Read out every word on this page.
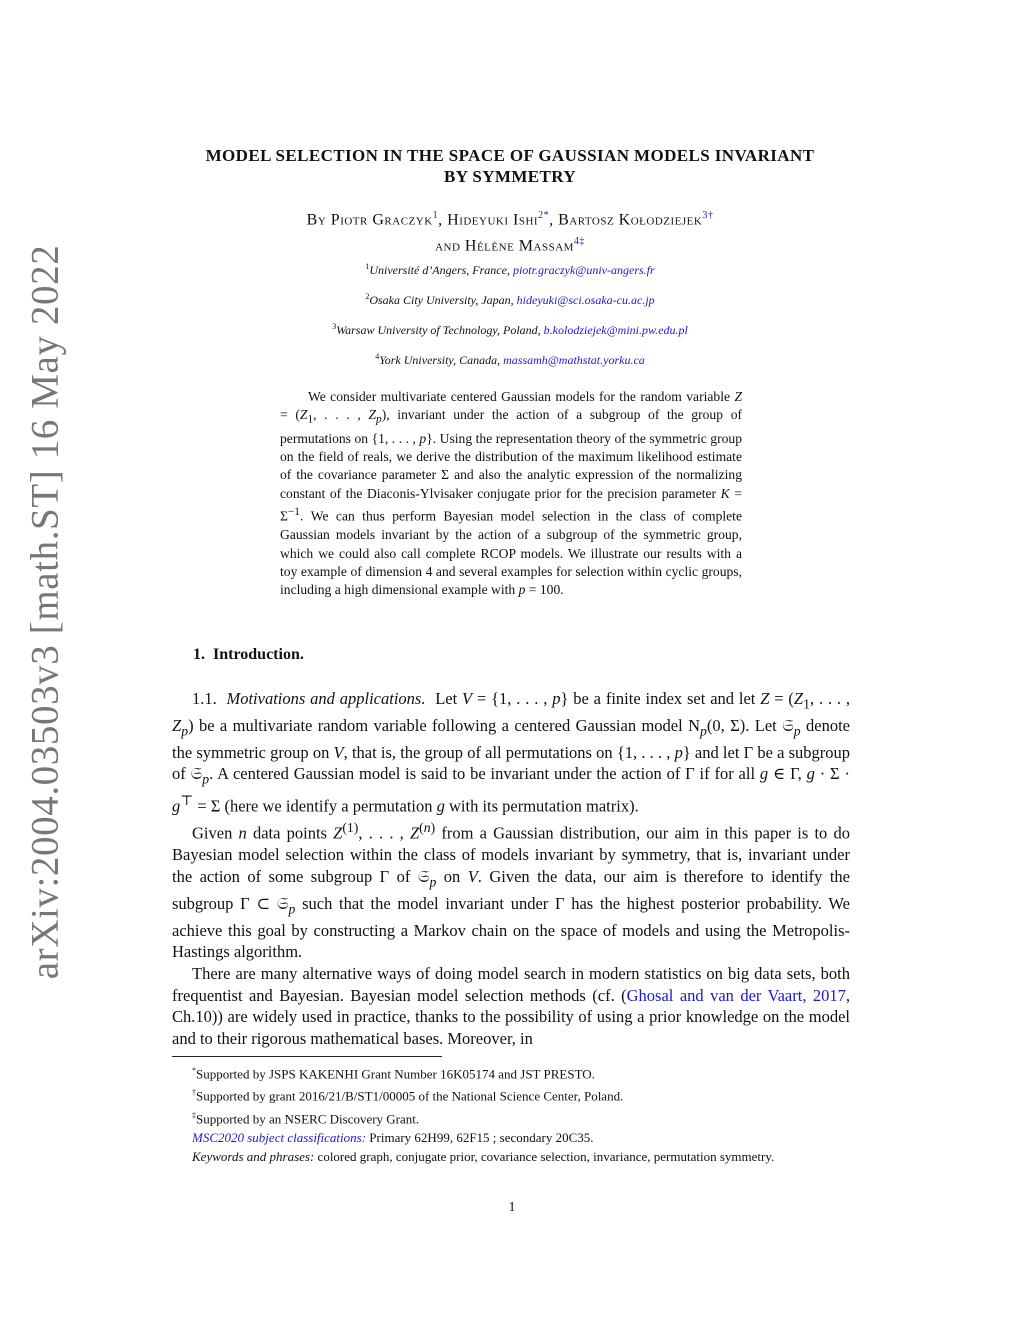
arXiv:2004.03503v3 [math.ST] 16 May 2022
MODEL SELECTION IN THE SPACE OF GAUSSIAN MODELS INVARIANT
BY SYMMETRY
By Piotr Graczyk$^1$, Hideyuki Ishi$^{2*}$, Bartosz Kołodziejek$^{3\dagger}$
and Hélène Massam$^{4\ddagger}$
$^1$Université d’Angers, France, piotr.graczyk@univ-angers.fr
$^2$Osaka City University, Japan, hideyuki@sci.osaka-cu.ac.jp
$^3$Warsaw University of Technology, Poland, b.kolodziejek@mini.pw.edu.pl
$^4$York University, Canada, massamh@mathstat.yorku.ca
We consider multivariate centered Gaussian models for the random variable $Z = (Z_1$, . . . , $Z_p$), invariant under the action of a subgroup of the group of permutations on {1, . . . , p}. Using the representation theory of the symmetric group on the field of reals, we derive the distribution of the maximum likelihood estimate of the covariance parameter Σ and also the analytic expression of the normalizing constant of the Diaconis-Ylvisaker conjugate prior for the precision parameter $K = \Sigma^{-1}$. We can thus perform Bayesian model selection in the class of complete Gaussian models invariant by the action of a subgroup of the symmetric group, which we could also call complete RCOP models. We illustrate our results with a toy example of dimension 4 and several examples for selection within cyclic groups, including a high dimensional example with p = 100.
1. Introduction.

1.1. Motivations and applications. Let V = {1, . . . , p} be a finite index set and let $Z = (Z_1$, . . . , $Z_p$) be a multivariate random variable following a centered Gaussian model $N_p(0$, Σ). Let 𝔖$_p$ denote the symmetric group on V, that is, the group of all permutations on {1, . . . , p} and let Γ be a subgroup of 𝔖$_p$. A centered Gaussian model is said to be invariant under the action of Γ if for all g ∈ Γ, g · Σ · g⊤ = Σ (here we identify a permutation g with its permutation matrix).

Given n data points $Z^{(1)}$, . . . , $Z^{(n)}$ from a Gaussian distribution, our aim in this paper is to do Bayesian model selection within the class of models invariant by symmetry, that is, invariant under the action of some subgroup Γ of 𝔖$_p$ on V. Given the data, our aim is therefore to identify the subgroup Γ ⊂ 𝔖$_p$ such that the model invariant under Γ has the highest posterior probability. We achieve this goal by constructing a Markov chain on the space of models and using the Metropolis-Hastings algorithm.

There are many alternative ways of doing model search in modern statistics on big data sets, both frequentist and Bayesian. Bayesian model selection methods (cf. (Ghosal and van der Vaart, 2017, Ch.10)) are widely used in practice, thanks to the possibility of using a prior knowledge on the model and to their rigorous mathematical bases. Moreover, in

*Supported by JSPS KAKENHI Grant Number 16K05174 and JST PRESTO.

†Supported by grant 2016/21/B/ST1/00005 of the National Science Center, Poland.

‡Supported by an NSERC Discovery Grant.

MSC2020 subject classifications: Primary 62H99, 62F15 ; secondary 20C35.

Keywords and phrases: colored graph, conjugate prior, covariance selection, invariance, permutation symmetry.

1
